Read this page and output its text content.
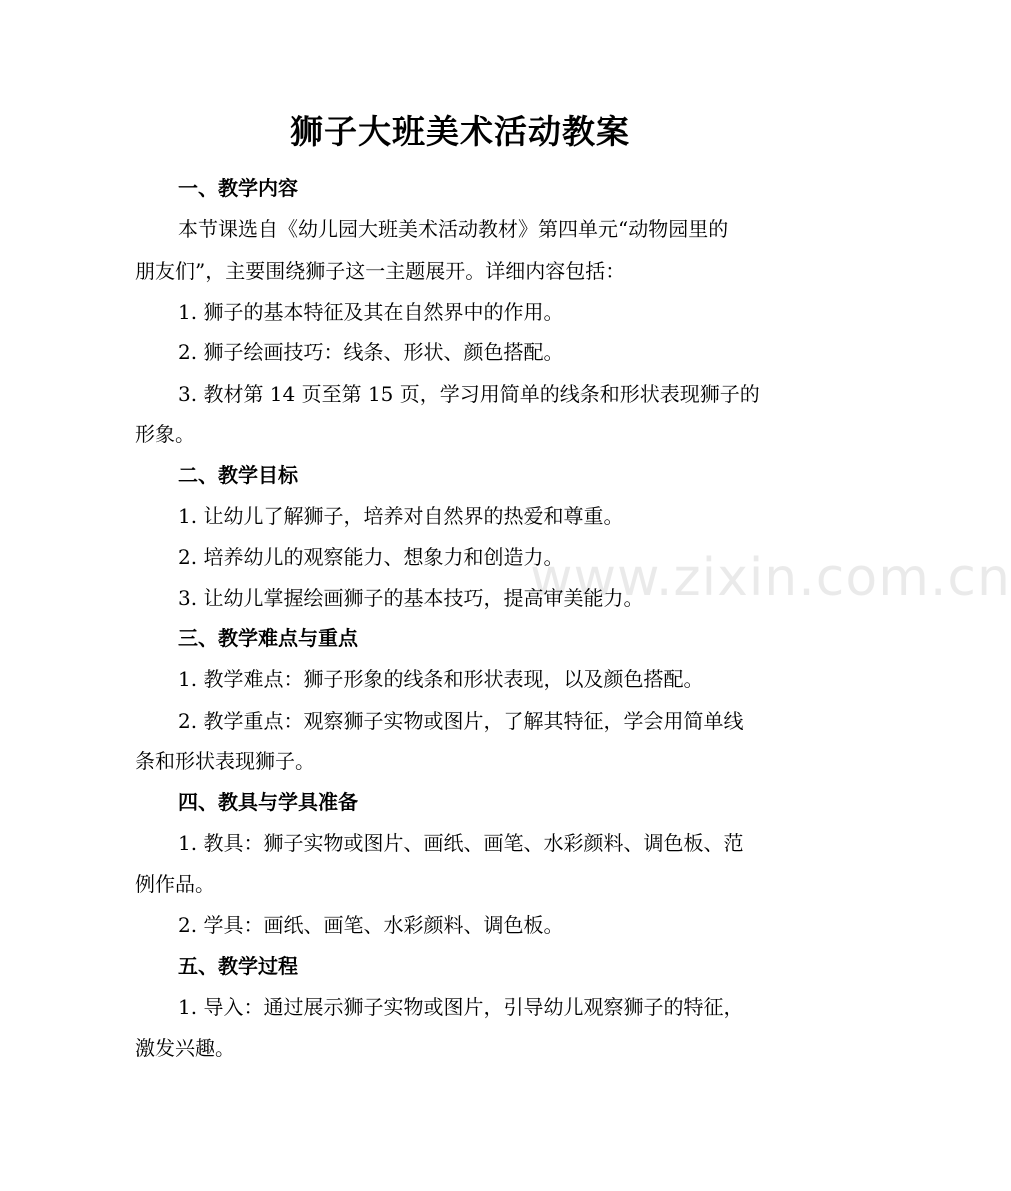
狮子大班美术活动教案
一、教学内容
本节课选自《幼儿园大班美术活动教材》第四单元“动物园里的
朋友们”，主要围绕狮子这一主题展开。详细内容包括：
1. 狮子的基本特征及其在自然界中的作用。
2. 狮子绘画技巧：线条、形状、颜色搭配。
3. 教材第 14 页至第 15 页，学习用简单的线条和形状表现狮子的
形象。
二、教学目标
1. 让幼儿了解狮子，培养对自然界的热爱和尊重。
2. 培养幼儿的观察能力、想象力和创造力。
3. 让幼儿掌握绘画狮子的基本技巧，提高审美能力。
三、教学难点与重点
1. 教学难点：狮子形象的线条和形状表现，以及颜色搭配。
2. 教学重点：观察狮子实物或图片，了解其特征，学会用简单线
条和形状表现狮子。
四、教具与学具准备
1. 教具：狮子实物或图片、画纸、画笔、水彩颜料、调色板、范
例作品。
2. 学具：画纸、画笔、水彩颜料、调色板。
五、教学过程
1. 导入：通过展示狮子实物或图片，引导幼儿观察狮子的特征，
激发兴趣。
www.zixin.com.cn
